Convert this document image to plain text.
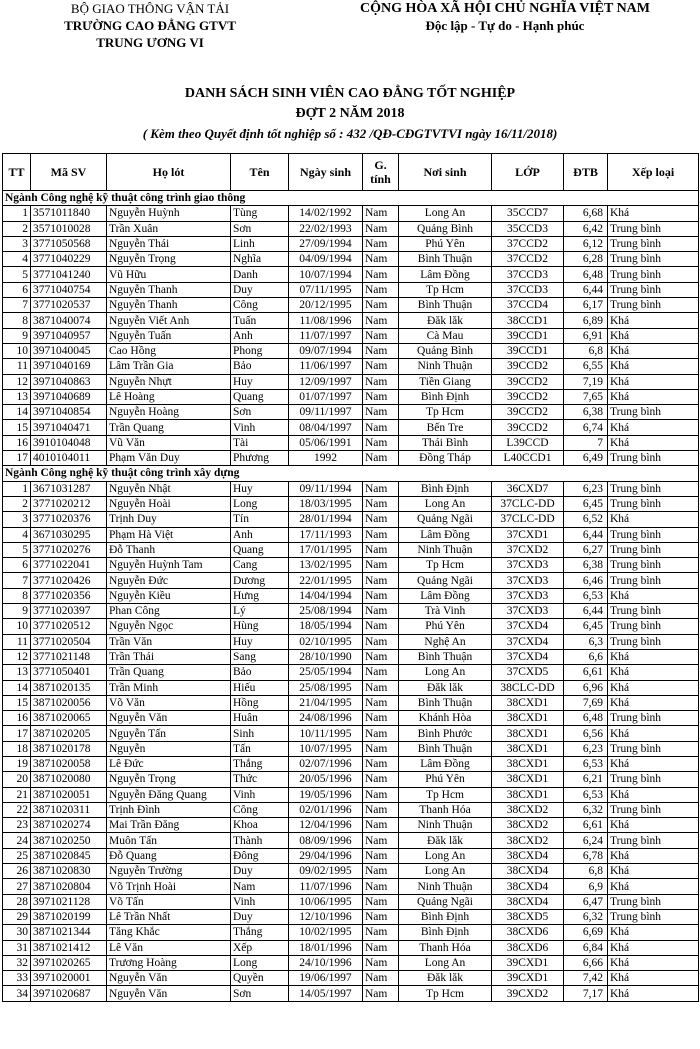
BỘ GIAO THÔNG VẬN TẢI
TRƯỜNG CAO ĐẲNG GTVT
TRUNG ƯƠNG VI
CỘNG HÒA XÃ HỘI CHỦ NGHĨA VIỆT NAM
Độc lập - Tự do - Hạnh phúc
DANH SÁCH SINH VIÊN CAO ĐẲNG TỐT NGHIỆP
ĐỢT 2 NĂM 2018
( Kèm theo Quyết định tốt nghiệp số : 432 /QĐ-CĐGTVTVI ngày 16/11/2018)
TT	Mã SV	Họ lót	Tên	Ngày sinh	G. tính	Nơi sinh	LỚP	ĐTB	Xếp loại
Ngành Công nghệ kỹ thuật công trình giao thông									
1	3571011840	Nguyễn Huỳnh	Tùng	14/02/1992	Nam	Long An	35CCD7	6,68	Khá
2	3571010028	Trần Xuân	Sơn	22/02/1993	Nam	Quảng Bình	35CCD3	6,42	Trung bình
3	3771050568	Nguyễn Thái	Linh	27/09/1994	Nam	Phú Yên	37CCD2	6,12	Trung bình
4	3771040229	Nguyễn Trọng	Nghĩa	04/09/1994	Nam	Bình Thuận	37CCD2	6,28	Trung bình
5	3771041240	Vũ Hữu	Danh	10/07/1994	Nam	Lâm Đồng	37CCD3	6,48	Trung bình
6	3771040754	Nguyễn Thanh	Duy	07/11/1995	Nam	Tp Hcm	37CCD3	6,44	Trung bình
7	3771020537	Nguyễn Thanh	Công	20/12/1995	Nam	Bình Thuận	37CCD4	6,17	Trung bình
8	3871040074	Nguyễn Viết Anh	Tuấn	11/08/1996	Nam	Đăk lăk	38CCD1	6,89	Khá
9	3971040957	Nguyễn Tuấn	Anh	11/07/1997	Nam	Cà Mau	39CCD1	6,91	Khá
10	3971040045	Cao Hồng	Phong	09/07/1994	Nam	Quảng Bình	39CCD1	6,8	Khá
11	3971040169	Lâm Trần Gia	Bảo	11/06/1997	Nam	Ninh Thuận	39CCD2	6,55	Khá
12	3971040863	Nguyễn Nhựt	Huy	12/09/1997	Nam	Tiền Giang	39CCD2	7,19	Khá
13	3971040689	Lê Hoàng	Quang	01/07/1997	Nam	Bình Định	39CCD2	7,65	Khá
14	3971040854	Nguyễn Hoàng	Sơn	09/11/1997	Nam	Tp Hcm	39CCD2	6,38	Trung bình
15	3971040471	Trần Quang	Vinh	08/04/1997	Nam	Bến Tre	39CCD2	6,74	Khá
16	3910104048	Vũ Văn	Tài	05/06/1991	Nam	Thái Bình	L39CCD	7	Khá
17	4010104011	Phạm Văn Duy	Phương	1992	Nam	Đồng Tháp	L40CCD1	6,49	Trung bình
Ngành Công nghệ kỹ thuật công trình xây dựng									
1	3671031287	Nguyễn Nhật	Huy	09/11/1994	Nam	Bình Định	36CXD7	6,23	Trung bình
2	3771020212	Nguyễn Hoài	Long	18/03/1995	Nam	Long An	37CLC-DD	6,45	Trung bình
3	3771020376	Trịnh Duy	Tín	28/01/1994	Nam	Quảng Ngãi	37CLC-DD	6,52	Khá
4	3671030295	Phạm Hà Việt	Anh	17/11/1993	Nam	Lâm Đồng	37CXD1	6,44	Trung bình
5	3771020276	Đỗ Thanh	Quang	17/01/1995	Nam	Ninh Thuận	37CXD2	6,27	Trung bình
6	3771022041	Nguyễn Huỳnh Tam	Cang	13/02/1995	Nam	Tp Hcm	37CXD3	6,38	Trung bình
7	3771020426	Nguyễn Đức	Dương	22/01/1995	Nam	Quảng Ngãi	37CXD3	6,46	Trung bình
8	3771020356	Nguyễn Kiều	Hưng	14/04/1994	Nam	Lâm Đồng	37CXD3	6,53	Khá
9	3771020397	Phan Công	Lý	25/08/1994	Nam	Trà Vinh	37CXD3	6,44	Trung bình
10	3771020512	Nguyễn Ngọc	Hùng	18/05/1994	Nam	Phú Yên	37CXD4	6,45	Trung bình
11	3771020504	Trần Văn	Huy	02/10/1995	Nam	Nghệ An	37CXD4	6,3	Trung bình
12	3771021148	Trần Thái	Sang	28/10/1990	Nam	Bình Thuận	37CXD4	6,6	Khá
13	3771050401	Trần Quang	Bảo	25/05/1994	Nam	Long An	37CXD5	6,61	Khá
14	3871020135	Trần Minh	Hiếu	25/08/1995	Nam	Đăk lăk	38CLC-DD	6,96	Khá
15	3871020056	Võ Văn	Hồng	21/04/1995	Nam	Bình Thuận	38CXD1	7,69	Khá
16	3871020065	Nguyễn Văn	Huân	24/08/1996	Nam	Khánh Hòa	38CXD1	6,48	Trung bình
17	3871020205	Nguyễn Tấn	Sinh	10/11/1995	Nam	Bình Phước	38CXD1	6,56	Khá
18	3871020178	Nguyễn	Tấn	10/07/1995	Nam	Bình Thuận	38CXD1	6,23	Trung bình
19	3871020058	Lê Đức	Thắng	02/07/1996	Nam	Lâm Đồng	38CXD1	6,53	Khá
20	3871020080	Nguyễn Trọng	Thức	20/05/1996	Nam	Phú Yên	38CXD1	6,21	Trung bình
21	3871020051	Nguyễn Đăng Quang	Vinh	19/05/1996	Nam	Tp Hcm	38CXD1	6,53	Khá
22	3871020311	Trịnh Đình	Công	02/01/1996	Nam	Thanh Hóa	38CXD2	6,32	Trung bình
23	3871020274	Mai Trần Đăng	Khoa	12/04/1996	Nam	Ninh Thuận	38CXD2	6,61	Khá
24	3871020250	Muôn Tấn	Thành	08/09/1996	Nam	Đăk lăk	38CXD2	6,24	Trung bình
25	3871020845	Đỗ Quang	Đông	29/04/1996	Nam	Long An	38CXD4	6,78	Khá
26	3871020830	Nguyễn Trường	Duy	09/02/1995	Nam	Long An	38CXD4	6,8	Khá
27	3871020804	Võ Trịnh Hoài	Nam	11/07/1996	Nam	Ninh Thuận	38CXD4	6,9	Khá
28	3971021128	Võ Tấn	Vinh	10/06/1995	Nam	Quảng Ngãi	38CXD4	6,47	Trung bình
29	3871020199	Lê Trần Nhất	Duy	12/10/1996	Nam	Bình Định	38CXD5	6,32	Trung bình
30	3871021344	Tăng Khắc	Thắng	10/02/1995	Nam	Bình Định	38CXD6	6,69	Khá
31	3871021412	Lê Văn	Xếp	18/01/1996	Nam	Thanh Hóa	38CXD6	6,84	Khá
32	3971020265	Trương Hoàng	Long	24/10/1996	Nam	Long An	39CXD1	6,66	Khá
33	3971020001	Nguyễn Văn	Quyền	19/06/1997	Nam	Đăk lăk	39CXD1	7,42	Khá
34	3971020687	Nguyễn Văn	Sơn	14/05/1997	Nam	Tp Hcm	39CXD2	7,17	Khá
